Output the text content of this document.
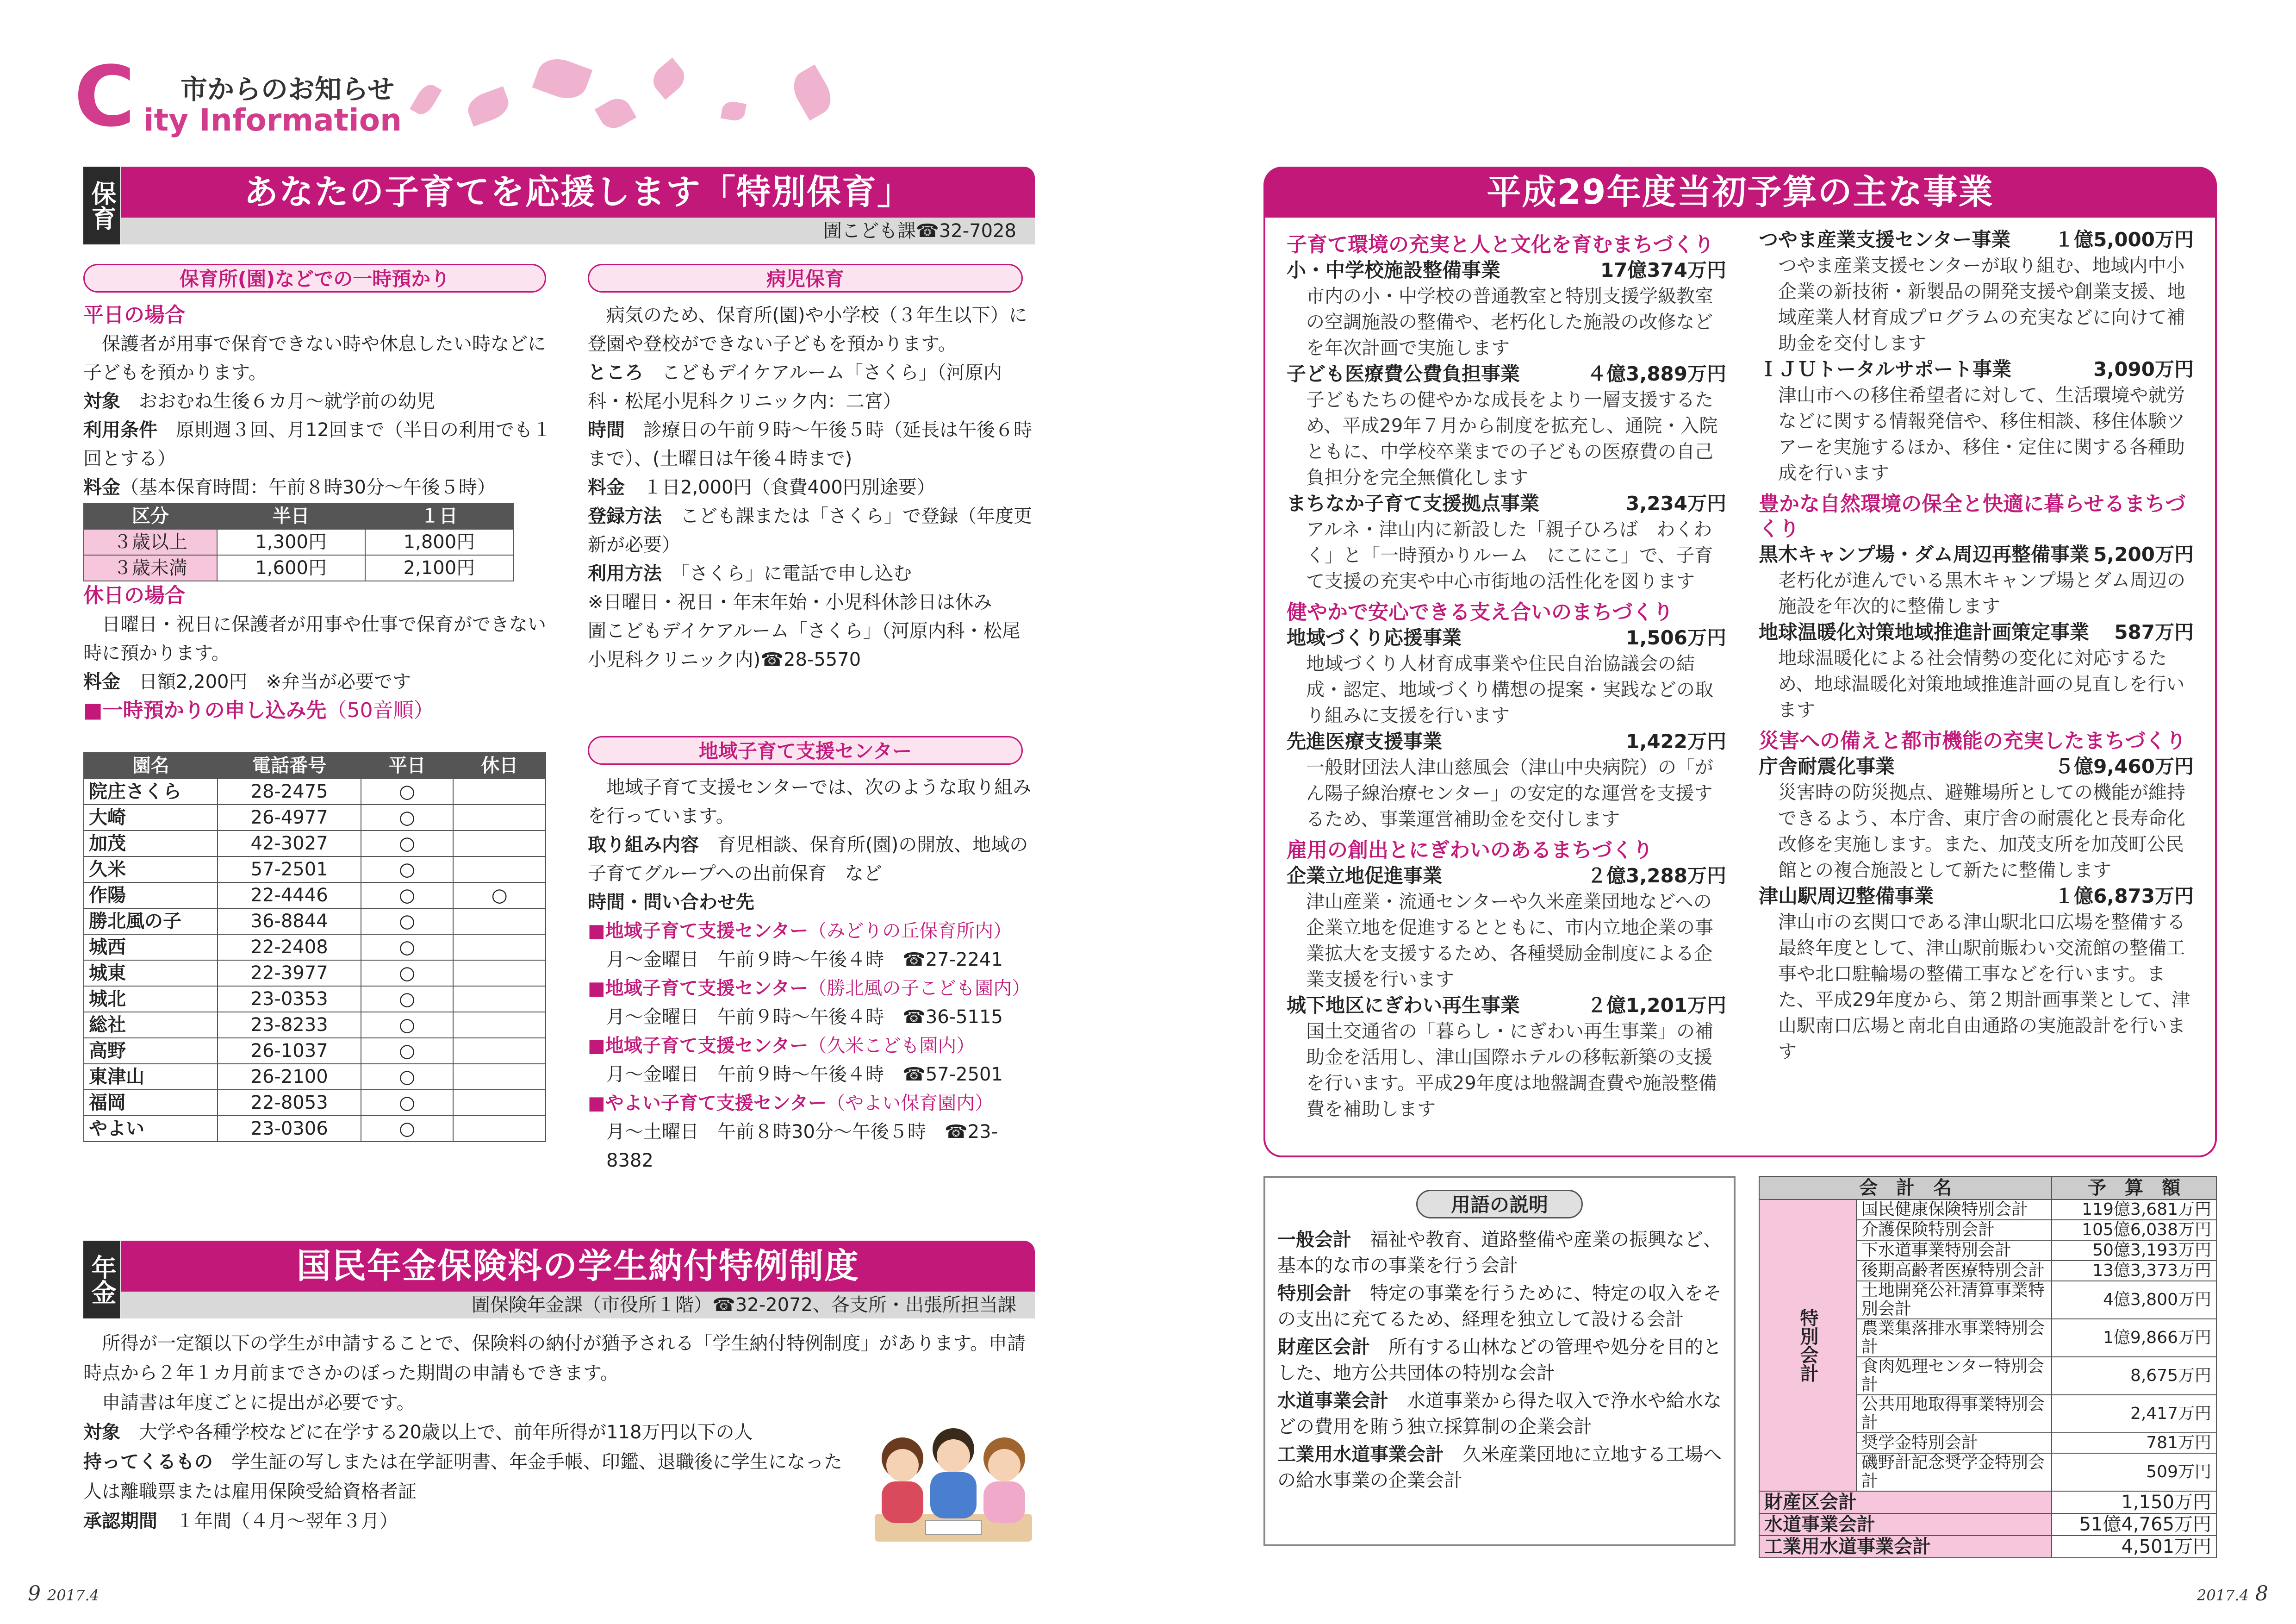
C 市からのお知らせ
ity Information
保育	あなたの子育てを応援します「特別保育」
圊こども課☎32-7028
保育所(園)などでの一時預かり

平日の場合

保護者が用事で保育できない時や休息したい時などに子どもを預かります。

対象　 おおむね生後６カ月～就学前の幼児

利用条件　 原則週３回、月12回まで（半日の利用でも１回とする）

料金（基本保育時間：午前８時30分～午後５時）

区分	半日	１日
３歳以上	1,300円	1,800円
３歳未満	1,600円	2,100円

休日の場合

日曜日・祝日に保護者が用事や仕事で保育ができない時に預かります。

料金　 日額2,200円　※弁当が必要です

■一時預かりの申し込み先（50音順）

園名	電話番号	平日	休日
院庄さくら	28-2475	○	
大崎	26-4977	○	
加茂	42-3027	○	
久米	57-2501	○	
作陽	22-4446	○	○
勝北風の子	36-8844	○	
城西	22-2408	○	
城東	22-3977	○	
城北	23-0353	○	
総社	23-8233	○	
高野	26-1037	○	
東津山	26-2100	○	
福岡	22-8053	○	
やよい	23-0306	○	
病児保育

病気のため、保育所(園)や小学校（３年生以下）に登園や登校ができない子どもを預かります。

ところ　 こどもデイケアルーム「さくら」（河原内科・松尾小児科クリニック内：二宮）

時間　 診療日の午前９時～午後５時（延長は午後６時まで）、(土曜日は午後４時まで)

料金　 １日2,000円（食費400円別途要）

登録方法　 こども課または「さくら」で登録（年度更新が必要）

利用方法　 「さくら」に電話で申し込む

※日曜日・祝日・年末年始・小児科休診日は休み

圊こどもデイケアルーム「さくら」（河原内科・松尾小児科クリニック内)☎28-5570

地域子育て支援センター

地域子育て支援センターでは、次のような取り組みを行っています。

取り組み内容　 育児相談、保育所(園)の開放、地域の子育てグループへの出前保育　など

時間・問い合わせ先

■地域子育て支援センター（みどりの丘保育所内）

月～金曜日　午前９時～午後４時　 ☎27-2241

■地域子育て支援センター（勝北風の子こども園内）

月～金曜日　午前９時～午後４時　 ☎36-5115

■地域子育て支援センター（久米こども園内）

月～金曜日　午前９時～午後４時　 ☎57-2501

■やよい子育て支援センター（やよい保育園内）

月～土曜日　午前８時30分～午後５時　 ☎23-8382

年金	国民年金保険料の学生納付特例制度
圊保険年金課（市役所１階）☎32-2072、各支所・出張所担当課

所得が一定額以下の学生が申請することで、保険料の納付が猶予される「学生納付特例制度」があります。申請時点から２年１カ月前までさかのぼった期間の申請もできます。

申請書は年度ごとに提出が必要です。

対象　 大学や各種学校などに在学する20歳以上で、前年所得が118万円以下の人

持ってくるもの　 学生証の写しまたは在学証明書、年金手帳、印鑑、退職後に学生になった人は離職票または雇用保険受給資格者証

承認期間　 １年間（４月～翌年３月）

平成29年度当初予算の主な事業

子育て環境の充実と人と文化を育むまちづくり

小・中学校施設整備事業	17億374万円

市内の小・中学校の普通教室と特別支援学級教室の空調施設の整備や、老朽化した施設の改修などを年次計画で実施します

子ども医療費公費負担事業	４億3,889万円

子どもたちの健やかな成長をより一層支援するため、平成29年７月から制度を拡充し、通院・入院ともに、中学校卒業までの子どもの医療費の自己負担分を完全無償化します

まちなか子育て支援拠点事業	3,234万円

アルネ・津山内に新設した「親子ひろば　わくわく」と「一時預かりルーム　にこにこ」で、子育て支援の充実や中心市街地の活性化を図ります

健やかで安心できる支え合いのまちづくり

地域づくり応援事業	1,506万円

地域づくり人材育成事業や住民自治協議会の結成・認定、地域づくり構想の提案・実践などの取り組みに支援を行います

先進医療支援事業	1,422万円

一般財団法人津山慈風会（津山中央病院）の「がん陽子線治療センター」の安定的な運営を支援するため、事業運営補助金を交付します

雇用の創出とにぎわいのあるまちづくり

企業立地促進事業	２億3,288万円

津山産業・流通センターや久米産業団地などへの企業立地を促進するとともに、市内立地企業の事業拡大を支援するため、各種奨励金制度による企業支援を行います

城下地区にぎわい再生事業	２億1,201万円

国土交通省の「暮らし・にぎわい再生事業」の補助金を活用し、津山国際ホテルの移転新築の支援を行います。平成29年度は地盤調査費や施設整備費を補助します

つやま産業支援センター事業 １億5,000万円

つやま産業支援センターが取り組む、地域内中小企業の新技術・新製品の開発支援や創業支援、地域産業人材育成プログラムの充実などに向けて補助金を交付します

ＩＪＵトータルサポート事業	3,090万円

津山市への移住希望者に対して、生活環境や就労などに関する情報発信や、移住相談、移住体験ツアーを実施するほか、移住・定住に関する各種助成を行います

豊かな自然環境の保全と快適に暮らせるまちづくり

黒木キャンプ場・ダム周辺再整備事業 5,200万円

老朽化が進んでいる黒木キャンプ場とダム周辺の施設を年次的に整備します

地球温暖化対策地域推進計画策定事業 587万円

地球温暖化による社会情勢の変化に対応するため、地球温暖化対策地域推進計画の見直しを行います

災害への備えと都市機能の充実したまちづくり

庁舎耐震化事業	５億9,460万円

災害時の防災拠点、避難場所としての機能が維持できるよう、本庁舎、東庁舎の耐震化と長寿命化改修を実施します。また、加茂支所を加茂町公民館との複合施設として新たに整備します

津山駅周辺整備事業	１億6,873万円

津山市の玄関口である津山駅北口広場を整備する最終年度として、津山駅前賑わい交流館の整備工事や北口駐輪場の整備工事などを行います。また、平成29年度から、第２期計画事業として、津山駅南口広場と南北自由通路の実施設計を行います

用語の説明

一般会計　 福祉や教育、道路整備や産業の振興など、基本的な市の事業を行う会計

特別会計　 特定の事業を行うために、特定の収入をその支出に充てるため、経理を独立して設ける会計

財産区会計　 所有する山林などの管理や処分を目的とした、地方公共団体の特別な会計

水道事業会計　 水道事業から得た収入で浄水や給水などの費用を賄う独立採算制の企業会計

工業用水道事業会計　 久米産業団地に立地する工場への給水事業の企業会計

会　計　名		予　算　額
特別会計	国民健康保険特別会計	119億3,681万円
	介護保険特別会計	105億6,038万円
	下水道事業特別会計	50億3,193万円
	後期高齢者医療特別会計	13億3,373万円
	土地開発公社清算事業特別会計	4億3,800万円
	農業集落排水事業特別会計	1億9,866万円
	食肉処理センター特別会計	8,675万円
	公共用地取得事業特別会計	2,417万円
	奨学金特別会計	781万円
	磯野計記念奨学金特別会計	509万円
財産区会計		1,150万円
水道事業会計		51億4,765万円
工業用水道事業会計		4,501万円
9 2017.4	2017.4 8
